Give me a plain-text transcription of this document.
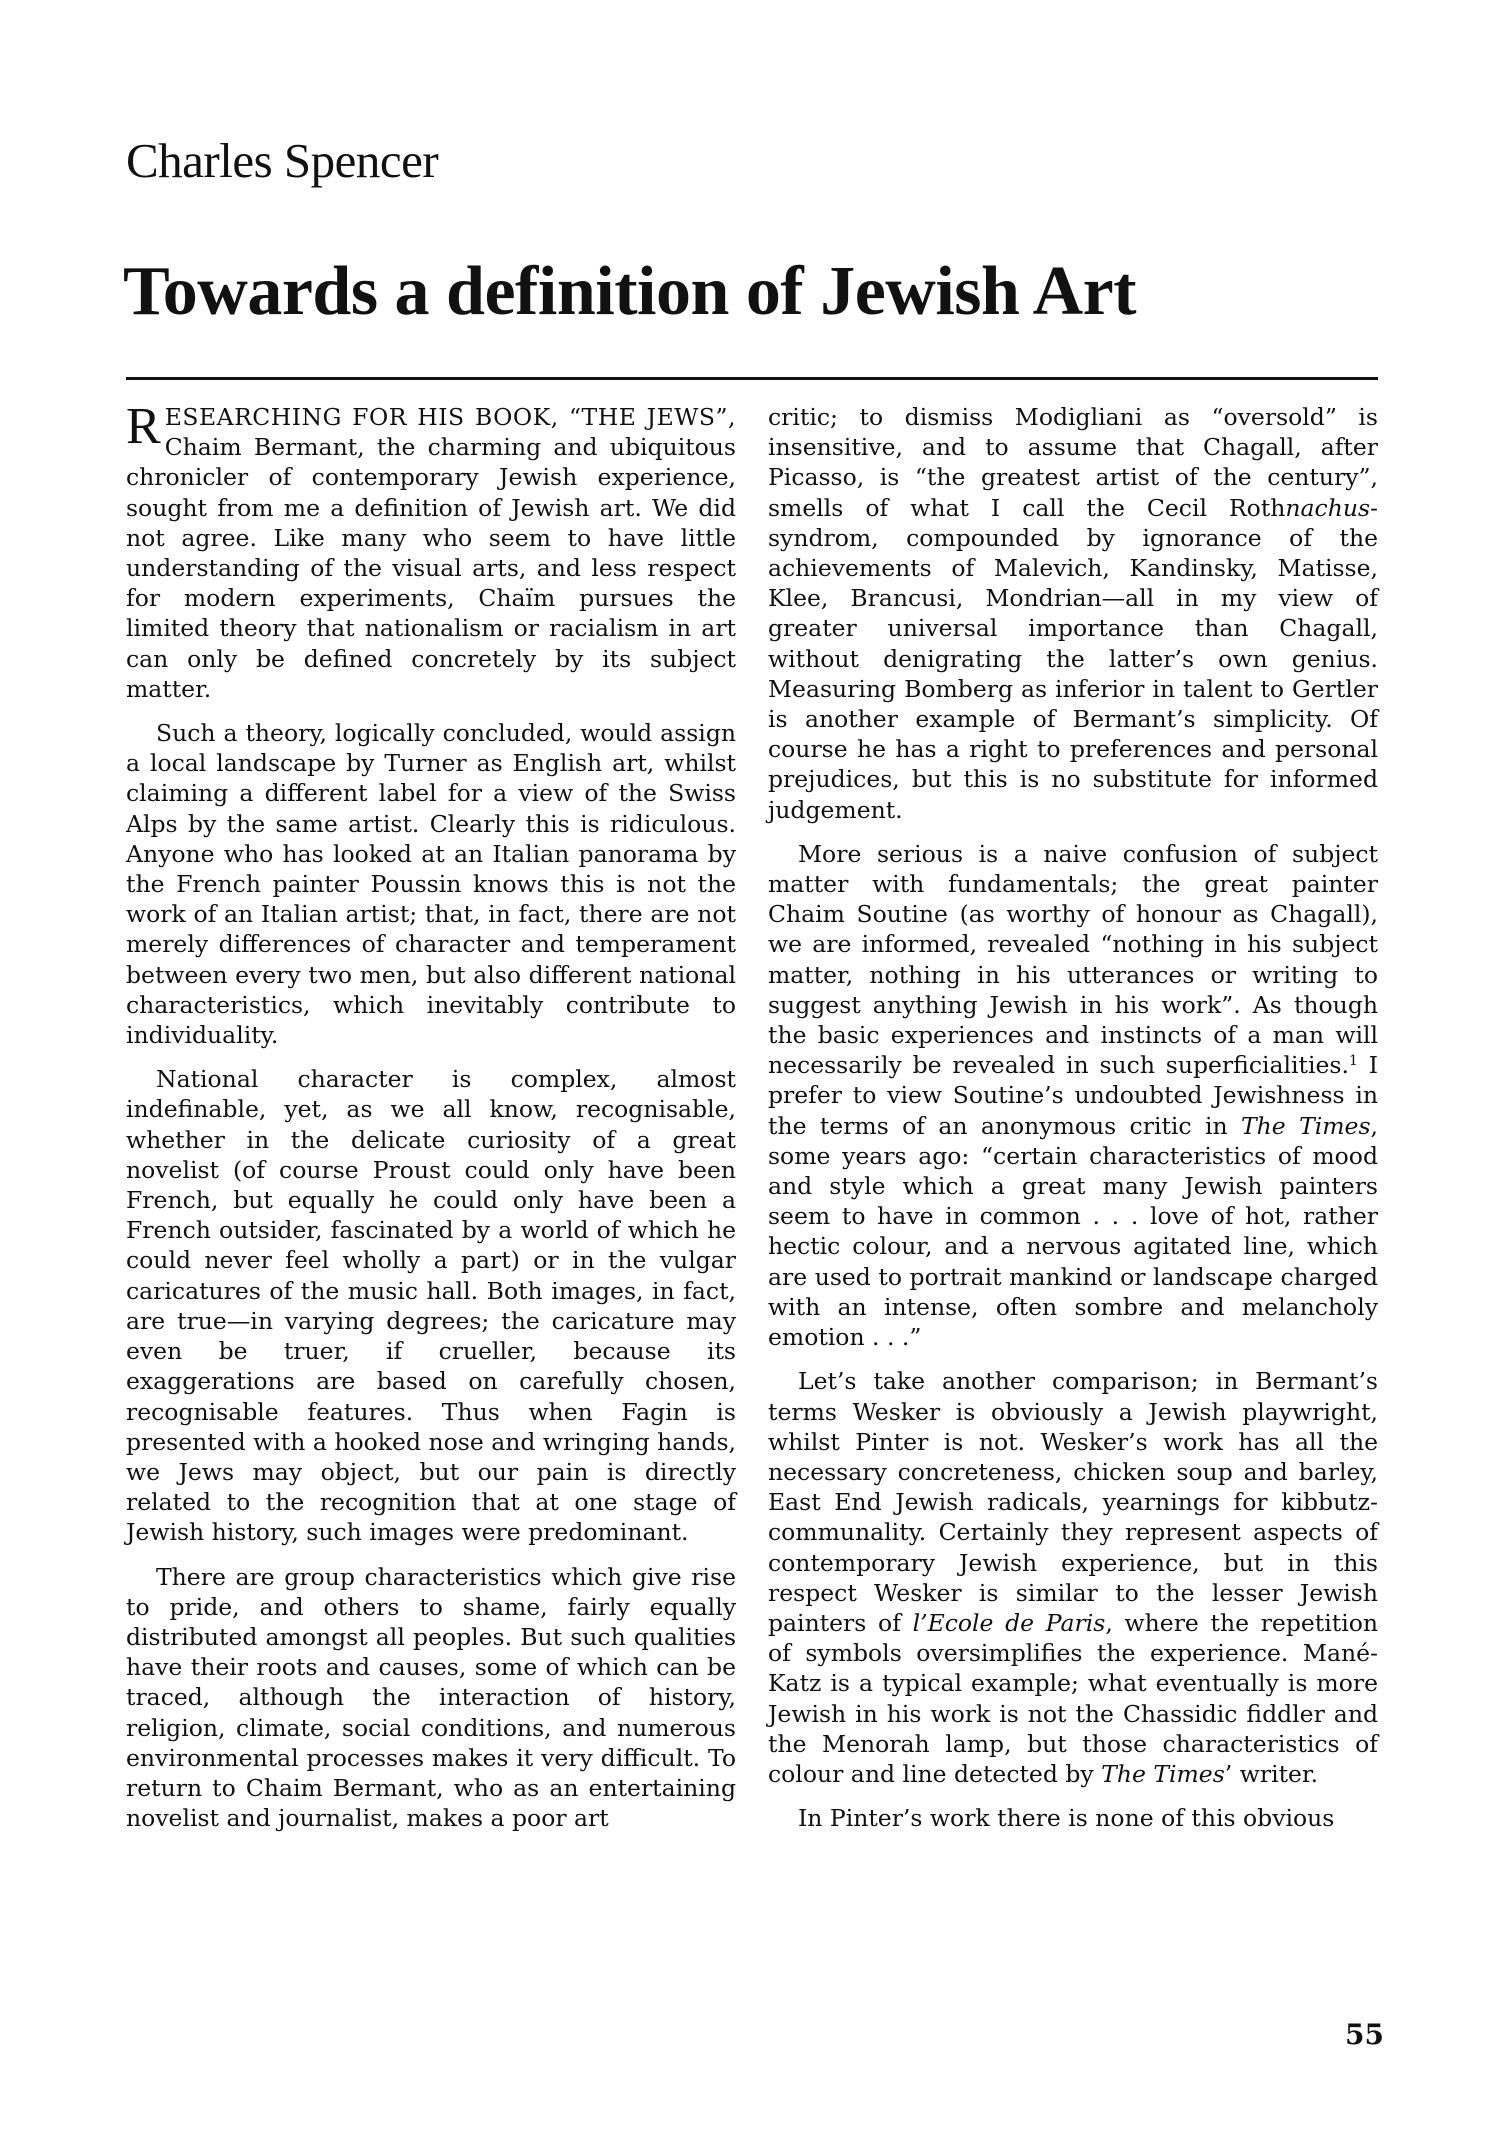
Charles Spencer
Towards a definition of Jewish Art

RESEARCHING FOR HIS BOOK, “THE JEWS”, Chaim Bermant, the charming and ubiquitous chronicler of contemporary Jewish experience, sought from me a definition of Jewish art. We did not agree. Like many who seem to have little understanding of the visual arts, and less respect for modern experiments, Chaïm pursues the limited theory that nationalism or racialism in art can only be defined concretely by its subject matter.

Such a theory, logically concluded, would assign a local landscape by Turner as English art, whilst claiming a different label for a view of the Swiss Alps by the same artist. Clearly this is ridiculous. Anyone who has looked at an Italian panorama by the French painter Poussin knows this is not the work of an Italian artist; that, in fact, there are not merely differences of character and temperament between every two men, but also different national characteristics, which inevitably contribute to individuality.

National character is complex, almost indefinable, yet, as we all know, recognisable, whether in the delicate curiosity of a great novelist (of course Proust could only have been French, but equally he could only have been a French outsider, fascinated by a world of which he could never feel wholly a part) or in the vulgar caricatures of the music hall. Both images, in fact, are true—in varying degrees; the caricature may even be truer, if crueller, because its exaggerations are based on carefully chosen, recognisable features. Thus when Fagin is presented with a hooked nose and wringing hands, we Jews may object, but our pain is directly related to the recognition that at one stage of Jewish history, such images were predominant.

There are group characteristics which give rise to pride, and others to shame, fairly equally distributed amongst all peoples. But such qualities have their roots and causes, some of which can be traced, although the interaction of history, religion, climate, social conditions, and numerous environmental processes makes it very difficult. To return to Chaim Bermant, who as an entertaining novelist and journalist, makes a poor art

critic; to dismiss Modigliani as “oversold” is insensitive, and to assume that Chagall, after Picasso, is “the greatest artist of the century”, smells of what I call the Cecil Rothnachus-syndrom, compounded by ignorance of the achievements of Malevich, Kandinsky, Matisse, Klee, Brancusi, Mondrian—all in my view of greater universal importance than Chagall, without denigrating the latter’s own genius. Measuring Bomberg as inferior in talent to Gertler is another example of Bermant’s simplicity. Of course he has a right to preferences and personal prejudices, but this is no substitute for informed judgement.

More serious is a naive confusion of subject matter with fundamentals; the great painter Chaim Soutine (as worthy of honour as Chagall), we are informed, revealed “nothing in his subject matter, nothing in his utterances or writing to suggest anything Jewish in his work”. As though the basic experiences and instincts of a man will necessarily be revealed in such superficialities.$^1$ I prefer to view Soutine’s undoubted Jewishness in the terms of an anonymous critic in The Times, some years ago: “certain characteristics of mood and style which a great many Jewish painters seem to have in common . . . love of hot, rather hectic colour, and a nervous agitated line, which are used to portrait mankind or landscape charged with an intense, often sombre and melancholy emotion . . .”

Let’s take another comparison; in Bermant’s terms Wesker is obviously a Jewish playwright, whilst Pinter is not. Wesker’s work has all the necessary concreteness, chicken soup and barley, East End Jewish radicals, yearnings for kibbutz-communality. Certainly they represent aspects of contemporary Jewish experience, but in this respect Wesker is similar to the lesser Jewish painters of l’Ecole de Paris, where the repetition of symbols oversimplifies the experience. Mané-Katz is a typical example; what eventually is more Jewish in his work is not the Chassidic fiddler and the Menorah lamp, but those characteristics of colour and line detected by The Times’ writer.

In Pinter’s work there is none of this obvious

55
